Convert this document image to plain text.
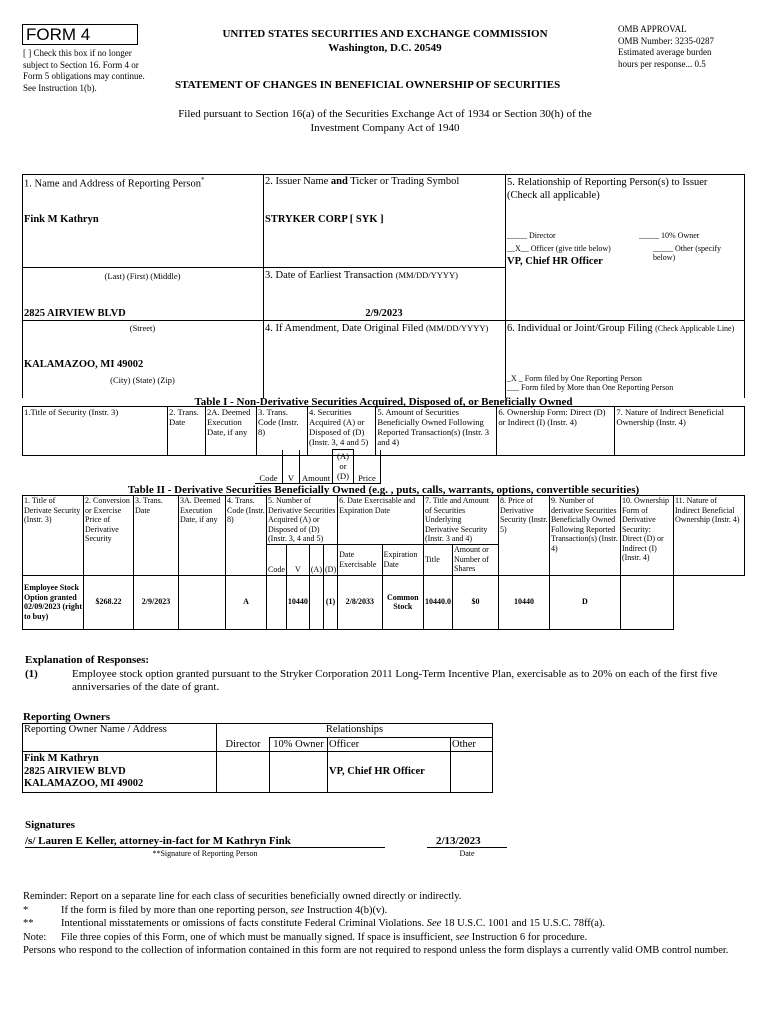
FORM 4
[ ] Check this box if no longer subject to Section 16. Form 4 or Form 5 obligations may continue. See Instruction 1(b).
UNITED STATES SECURITIES AND EXCHANGE COMMISSION
Washington, D.C. 20549
OMB APPROVAL
OMB Number: 3235-0287
Estimated average burden
hours per response... 0.5
STATEMENT OF CHANGES IN BENEFICIAL OWNERSHIP OF SECURITIES
Filed pursuant to Section 16(a) of the Securities Exchange Act of 1934 or Section 30(h) of the
Investment Company Act of 1940
1. Name and Address of Reporting Person*
Fink M Kathryn
(Last) (First) (Middle)
2825 AIRVIEW BLVD
(Street)
KALAMAZOO, MI 49002
(City) (State) (Zip)
2. Issuer Name and Ticker or Trading Symbol
STRYKER CORP [ SYK ]
3. Date of Earliest Transaction (MM/DD/YYYY)
2/9/2023
4. If Amendment, Date Original Filed (MM/DD/YYYY)
5. Relationship of Reporting Person(s) to Issuer
(Check all applicable)
_____ Director	_____ 10% Owner
__X__ Officer (give title below)	_____ Other (specify below)
VP, Chief HR Officer
6. Individual or Joint/Group Filing (Check Applicable Line)
_X _ Form filed by One Reporting Person
___ Form filed by More than One Reporting Person
Table I - Non-Derivative Securities Acquired, Disposed of, or Beneficially Owned
1.Title of Security (Instr. 3)	2. Trans. Date	2A. Deemed Execution Date, if any	3. Trans. Code (Instr. 8)	4. Securities Acquired (A) or Disposed of (D) (Instr. 3, 4 and 5)	5. Amount of Securities Beneficially Owned Following Reported Transaction(s) (Instr. 3 and 4)	6. Ownership Form: Direct (D) or Indirect (I) (Instr. 4)	7. Nature of Indirect Beneficial Ownership (Instr. 4)

Code	V	Amount	(A) or (D)	Price
Table II - Derivative Securities Beneficially Owned (e.g. , puts, calls, warrants, options, convertible securities)
1. Title of Derivate Security (Instr. 3)	2. Conversion or Exercise Price of Derivative Security	3. Trans. Date	3A. Deemed Execution Date, if any	4. Trans. Code (Instr. 8)	5. Number of Derivative Securities Acquired (A) or Disposed of (D) (Instr. 3, 4 and 5)				6. Date Exercisable and Expiration Date		7. Title and Amount of Securities Underlying Derivative Security (Instr. 3 and 4)		8. Price of Derivative Security (Instr. 5)	9. Number of derivative Securities Beneficially Owned Following Reported Transaction(s) (Instr. 4)	10. Ownership Form of Derivative Security: Direct (D) or Indirect (I) (Instr. 4)	11. Nature of Indirect Beneficial Ownership (Instr. 4)
					Code	V	(A)	(D)	Date Exercisable	Expiration Date	Title	Amount or Number of Shares				
Employee Stock Option granted 02/09/2023 (right to buy)	$268.22	2/9/2023		A		10440		(1)	2/8/2033	Common Stock	10440.0	$0	10440	D		
Explanation of Responses:
(1)	Employee stock option granted pursuant to the Stryker Corporation 2011 Long-Term Incentive Plan, exercisable as to 20% on each of the first five
anniversaries of the date of grant.
Reporting Owners
Reporting Owner Name / Address	Relationships			
	Director	10% Owner	Officer	Other

Fink M Kathryn
2825 AIRVIEW BLVD
KALAMAZOO, MI 49002			VP, Chief HR Officer	
Signatures
/s/ Lauren E Keller, attorney-in-fact for M Kathryn Fink	2/13/2023
**Signature of Reporting Person	Date
Reminder: Report on a separate line for each class of securities beneficially owned directly or indirectly.
*	If the form is filed by more than one reporting person, see Instruction 4(b)(v).
**	Intentional misstatements or omissions of facts constitute Federal Criminal Violations. See 18 U.S.C. 1001 and 15 U.S.C. 78ff(a).
Note: File three copies of this Form, one of which must be manually signed. If space is insufficient, see Instruction 6 for procedure.
Persons who respond to the collection of information contained in this form are not required to respond unless the form displays a currently valid OMB control number.
